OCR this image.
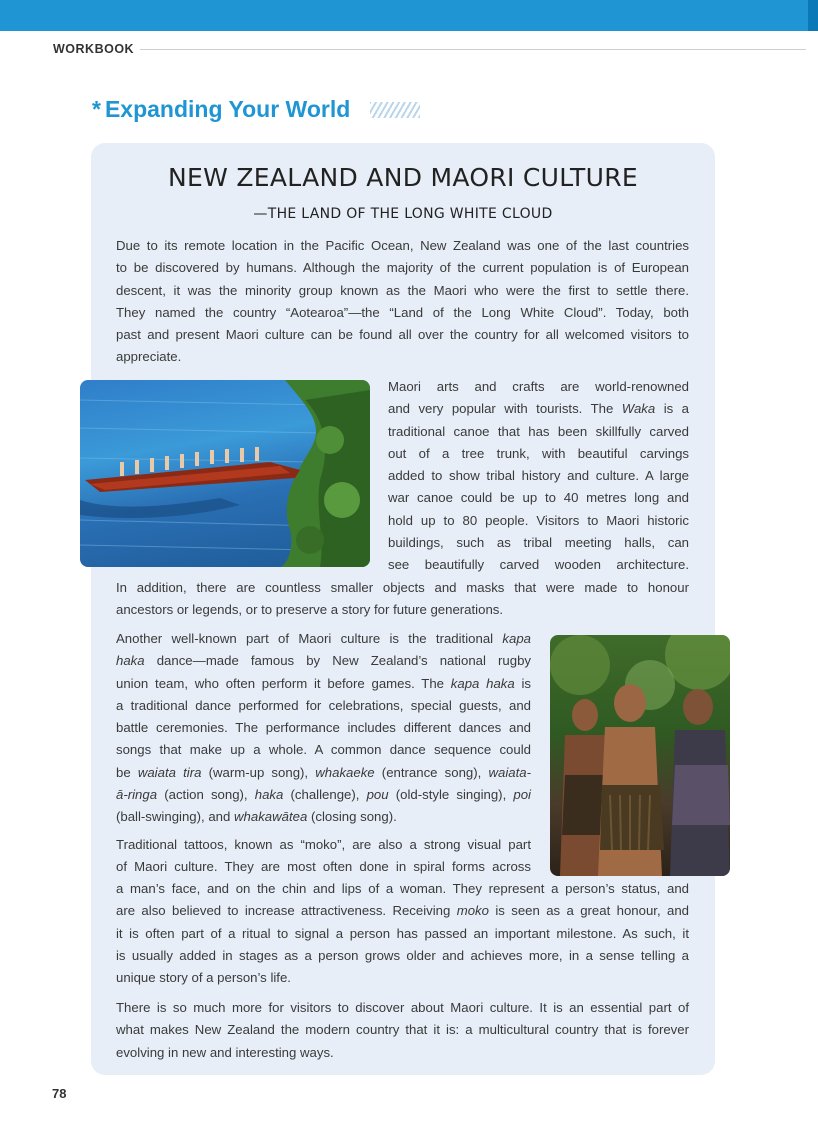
WORKBOOK
* Expanding Your World
NEW ZEALAND AND MAORI CULTURE
—THE LAND OF THE LONG WHITE CLOUD
Due to its remote location in the Pacific Ocean, New Zealand was one of the last countries
to be discovered by humans. Although the majority of the current population is of European
descent, it was the minority group known as the Maori who were the first to settle there.
They named the country “Aotearoa”—the “Land of the Long White Cloud”. Today, both
past and present Maori culture can be found all over the country for all welcomed visitors to
appreciate.
Maori arts and crafts are world-renowned
and very popular with tourists. The Waka is a
traditional canoe that has been skillfully carved
out of a tree trunk, with beautiful carvings
added to show tribal history and culture. A large
war canoe could be up to 40 metres long and
hold up to 80 people. Visitors to Maori historic
buildings, such as tribal meeting halls, can
see beautifully carved wooden architecture.
In addition, there are countless smaller objects and masks that were made to honour
ancestors or legends, or to preserve a story for future generations.
Another well-known part of Maori culture is the traditional kapa
haka dance—made famous by New Zealand’s national rugby
union team, who often perform it before games. The kapa haka is
a traditional dance performed for celebrations, special guests, and
battle ceremonies. The performance includes different dances and
songs that make up a whole. A common dance sequence could
be waiata tira (warm-up song), whakaeke (entrance song), waiata-
ā-ringa (action song), haka (challenge), pou (old-style singing), poi
(ball-swinging), and whakawātea (closing song).
Traditional tattoos, known as “moko”, are also a strong visual part
of Maori culture. They are most often done in spiral forms across
a man’s face, and on the chin and lips of a woman. They represent a person’s status, and
are also believed to increase attractiveness. Receiving moko is seen as a great honour, and
it is often part of a ritual to signal a person has passed an important milestone. As such, it
is usually added in stages as a person grows older and achieves more, in a sense telling a
unique story of a person’s life.
There is so much more for visitors to discover about Maori culture. It is an essential part of
what makes New Zealand the modern country that it is: a multicultural country that is forever
evolving in new and interesting ways.
78
